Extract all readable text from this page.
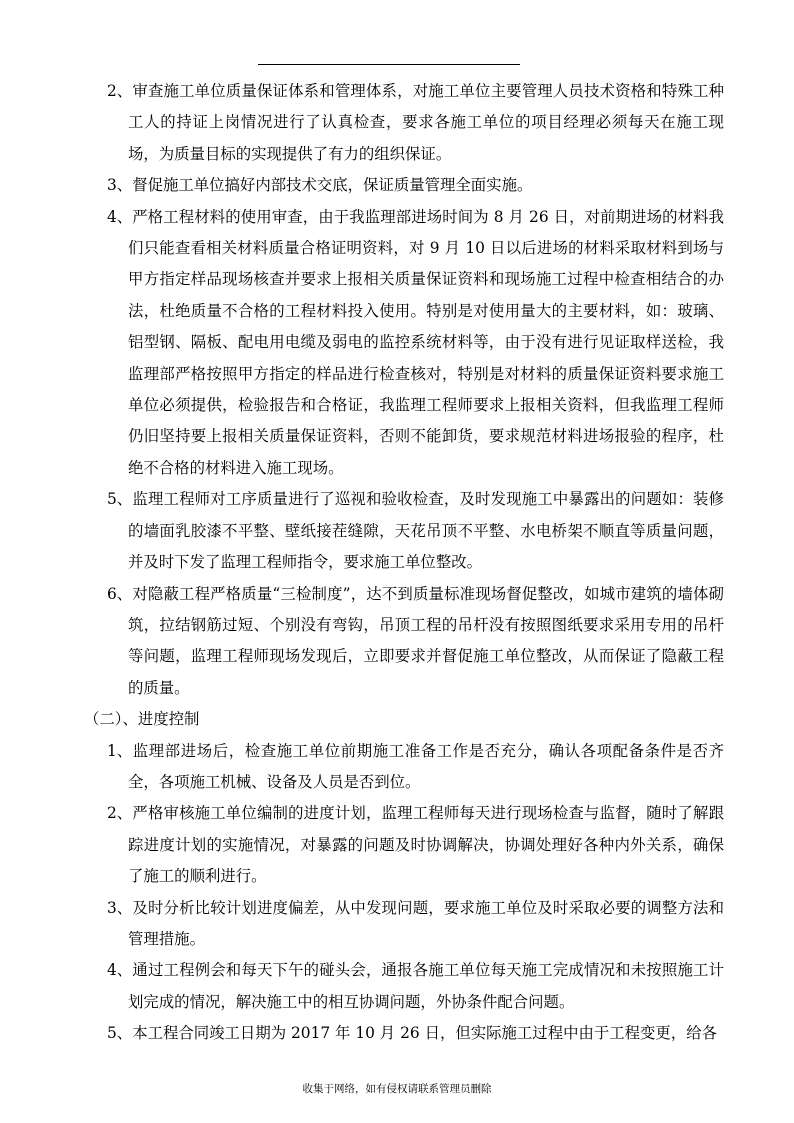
2、审查施工单位质量保证体系和管理体系，对施工单位主要管理人员技术资格和特殊工种工人的持证上岗情况进行了认真检查，要求各施工单位的项目经理必须每天在施工现场，为质量目标的实现提供了有力的组织保证。

3、督促施工单位搞好内部技术交底，保证质量管理全面实施。

4、严格工程材料的使用审查，由于我监理部进场时间为 8 月 26 日，对前期进场的材料我们只能查看相关材料质量合格证明资料，对 9 月 10 日以后进场的材料采取材料到场与甲方指定样品现场核查并要求上报相关质量保证资料和现场施工过程中检查相结合的办法，杜绝质量不合格的工程材料投入使用。特别是对使用量大的主要材料，如：玻璃、铝型钢、隔板、配电用电缆及弱电的监控系统材料等，由于没有进行见证取样送检，我监理部严格按照甲方指定的样品进行检查核对，特别是对材料的质量保证资料要求施工单位必须提供，检验报告和合格证，我监理工程师要求上报相关资料，但我监理工程师仍旧坚持要上报相关质量保证资料，否则不能卸货，要求规范材料进场报验的程序，杜绝不合格的材料进入施工现场。

5、监理工程师对工序质量进行了巡视和验收检查，及时发现施工中暴露出的问题如：装修的墙面乳胶漆不平整、壁纸接茬缝隙，天花吊顶不平整、水电桥架不顺直等质量问题，并及时下发了监理工程师指令，要求施工单位整改。

6、对隐蔽工程严格质量“三检制度”，达不到质量标准现场督促整改，如城市建筑的墙体砌筑，拉结钢筋过短、个别没有弯钩，吊顶工程的吊杆没有按照图纸要求采用专用的吊杆等问题，监理工程师现场发现后，立即要求并督促施工单位整改，从而保证了隐蔽工程的质量。

（二）、进度控制

1、监理部进场后，检查施工单位前期施工准备工作是否充分，确认各项配备条件是否齐全，各项施工机械、设备及人员是否到位。

2、严格审核施工单位编制的进度计划，监理工程师每天进行现场检查与监督，随时了解跟踪进度计划的实施情况，对暴露的问题及时协调解决，协调处理好各种内外关系，确保了施工的顺利进行。

3、及时分析比较计划进度偏差，从中发现问题，要求施工单位及时采取必要的调整方法和管理措施。

4、通过工程例会和每天下午的碰头会，通报各施工单位每天施工完成情况和未按照施工计划完成的情况，解决施工中的相互协调问题，外协条件配合问题。

5、本工程合同竣工日期为 2017 年 10 月 26 日，但实际施工过程中由于工程变更，给各

收集于网络，如有侵权请联系管理员删除
